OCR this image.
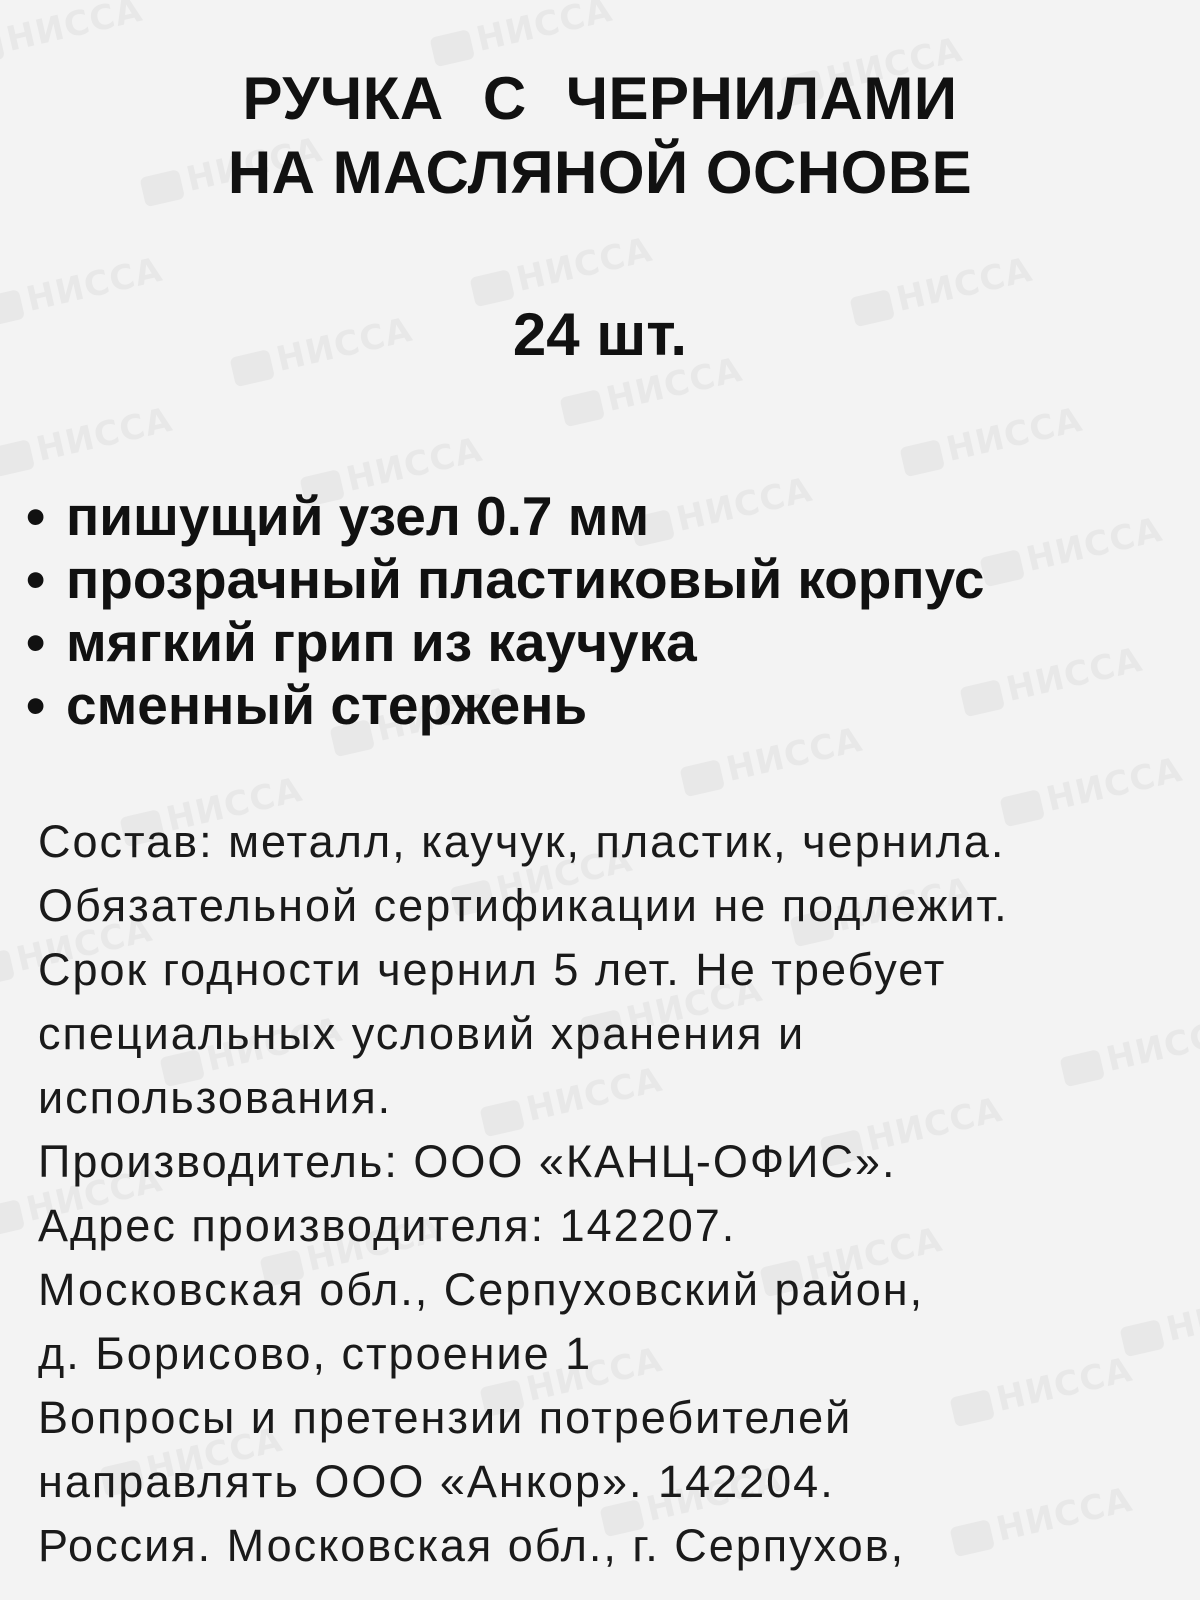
РУЧКА С ЧЕРНИЛАМИ
НА МАСЛЯНОЙ ОСНОВЕ
24 шт.
• пишущий узел 0.7 мм
• прозрачный пластиковый корпус
• мягкий грип из каучука
• сменный стержень
Состав: металл, каучук, пластик, чернила.
Обязательной сертификации не подлежит.
Срок годности чернил 5 лет. Не требует
специальных условий хранения и
использования.
Производитель: ООО «КАНЦ-ОФИС».
Адрес производителя: 142207.
Московская обл., Серпуховский район,
д. Борисово, строение 1
Вопросы и претензии потребителей
направлять ООО «Анкор». 142204.
Россия. Московская обл., г. Серпухов,
